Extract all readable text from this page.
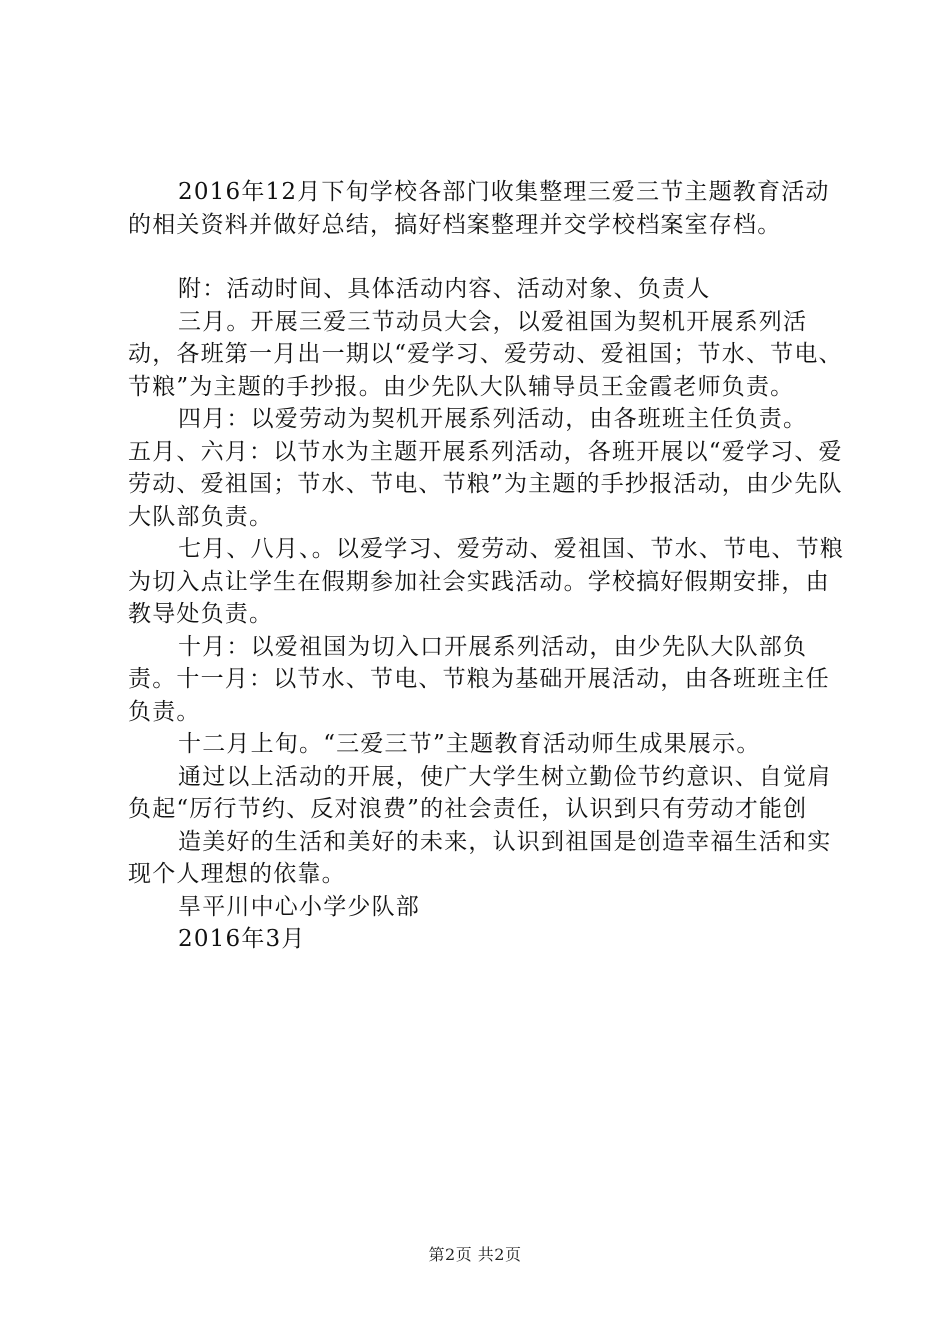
2016年12月下旬学校各部门收集整理三爱三节主题教育活动的相关资料并做好总结，搞好档案整理并交学校档案室存档。

附：活动时间、具体活动内容、活动对象、负责人

三月。开展三爱三节动员大会，以爱祖国为契机开展系列活动，各班第一月出一期以“爱学习、爱劳动、爱祖国；节水、节电、节粮”为主题的手抄报。由少先队大队辅导员王金霞老师负责。

四月：以爱劳动为契机开展系列活动，由各班班主任负责。

五月、六月：以节水为主题开展系列活动，各班开展以“爱学习、爱劳动、爱祖国；节水、节电、节粮”为主题的手抄报活动，由少先队大队部负责。

七月、八月、。以爱学习、爱劳动、爱祖国、节水、节电、节粮为切入点让学生在假期参加社会实践活动。学校搞好假期安排，由教导处负责。

十月：以爱祖国为切入口开展系列活动，由少先队大队部负责。十一月：以节水、节电、节粮为基础开展活动，由各班班主任负责。

十二月上旬。“三爱三节”主题教育活动师生成果展示。

通过以上活动的开展，使广大学生树立勤俭节约意识、自觉肩负起“厉行节约、反对浪费”的社会责任，认识到只有劳动才能创

造美好的生活和美好的未来，认识到祖国是创造幸福生活和实现个人理想的依靠。

旱平川中心小学少队部

2016年3月

第2页 共2页
